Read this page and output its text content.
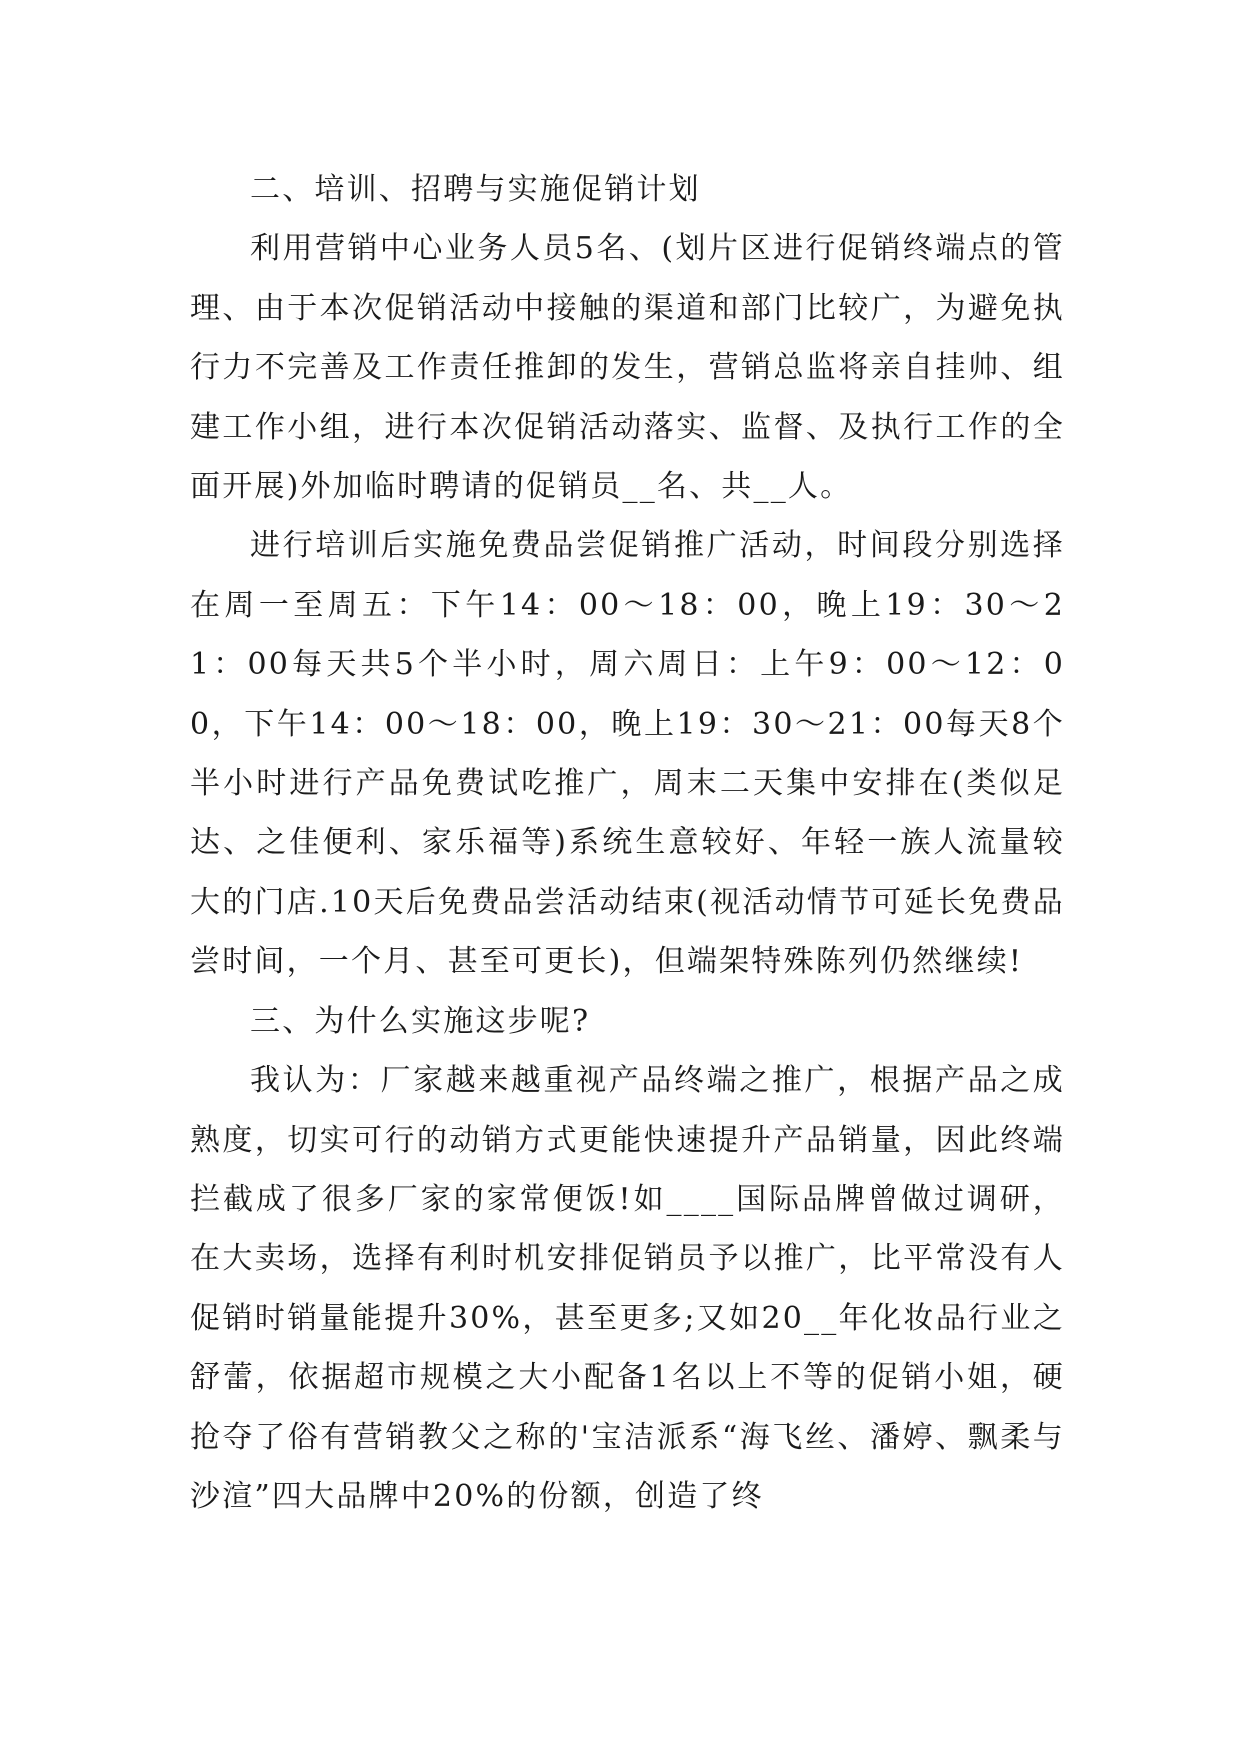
二、培训、招聘与实施促销计划

利用营销中心业务人员5名、(划片区进行促销终端点的管理、由于本次促销活动中接触的渠道和部门比较广，为避免执行力不完善及工作责任推卸的发生，营销总监将亲自挂帅、组建工作小组，进行本次促销活动落实、监督、及执行工作的全面开展)外加临时聘请的促销员__名、共__人。

进行培训后实施免费品尝促销推广活动，时间段分别选择在周一至周五：下午14：00～18：00，晚上19：30～21：00每天共5个半小时，周六周日：上午9：00～12：00，下午14：00～18：00，晚上19：30～21：00每天8个半小时进行产品免费试吃推广，周末二天集中安排在(类似足达、之佳便利、家乐福等)系统生意较好、年轻一族人流量较大的门店.10天后免费品尝活动结束(视活动情节可延长免费品尝时间，一个月、甚至可更长)，但端架特殊陈列仍然继续!

三、为什么实施这步呢?

我认为：厂家越来越重视产品终端之推广，根据产品之成熟度，切实可行的动销方式更能快速提升产品销量，因此终端拦截成了很多厂家的家常便饭!如____国际品牌曾做过调研，在大卖场，选择有利时机安排促销员予以推广，比平常没有人促销时销量能提升30%，甚至更多;又如20__年化妆品行业之舒蕾，依据超市规模之大小配备1名以上不等的促销小姐，硬抢夺了俗有营销教父之称的'宝洁派系“海飞丝、潘婷、飘柔与沙渲”四大品牌中20%的份额，创造了终
